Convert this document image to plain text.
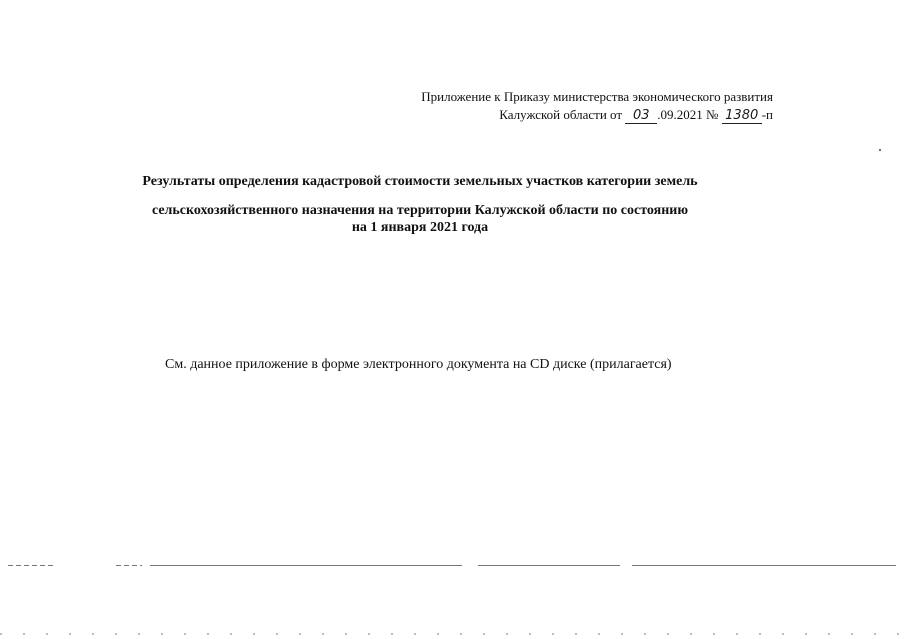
Приложение к Приказу министерства экономического развития
Калужской области от 03 .09.2021 № 1380 -п
Результаты определения кадастровой стоимости земельных участков категории земель
сельскохозяйственного назначения на территории Калужской области по состоянию
на 1 января 2021 года
См. данное приложение в форме электронного документа на CD диске (прилагается)
